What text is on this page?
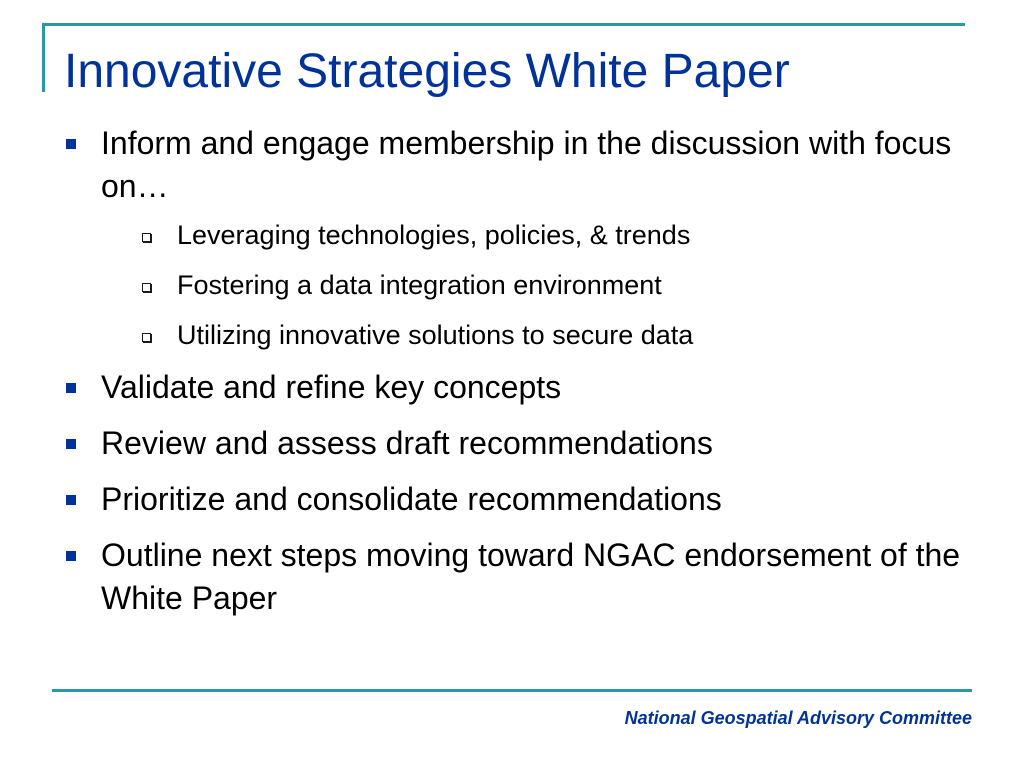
Innovative Strategies White Paper
Inform and engage membership in the discussion with focus on…
Leveraging technologies, policies, & trends
Fostering a data integration environment
Utilizing innovative solutions to secure data
Validate and refine key concepts
Review and assess draft recommendations
Prioritize and consolidate recommendations
Outline next steps moving toward NGAC endorsement of the White Paper
National Geospatial Advisory Committee
